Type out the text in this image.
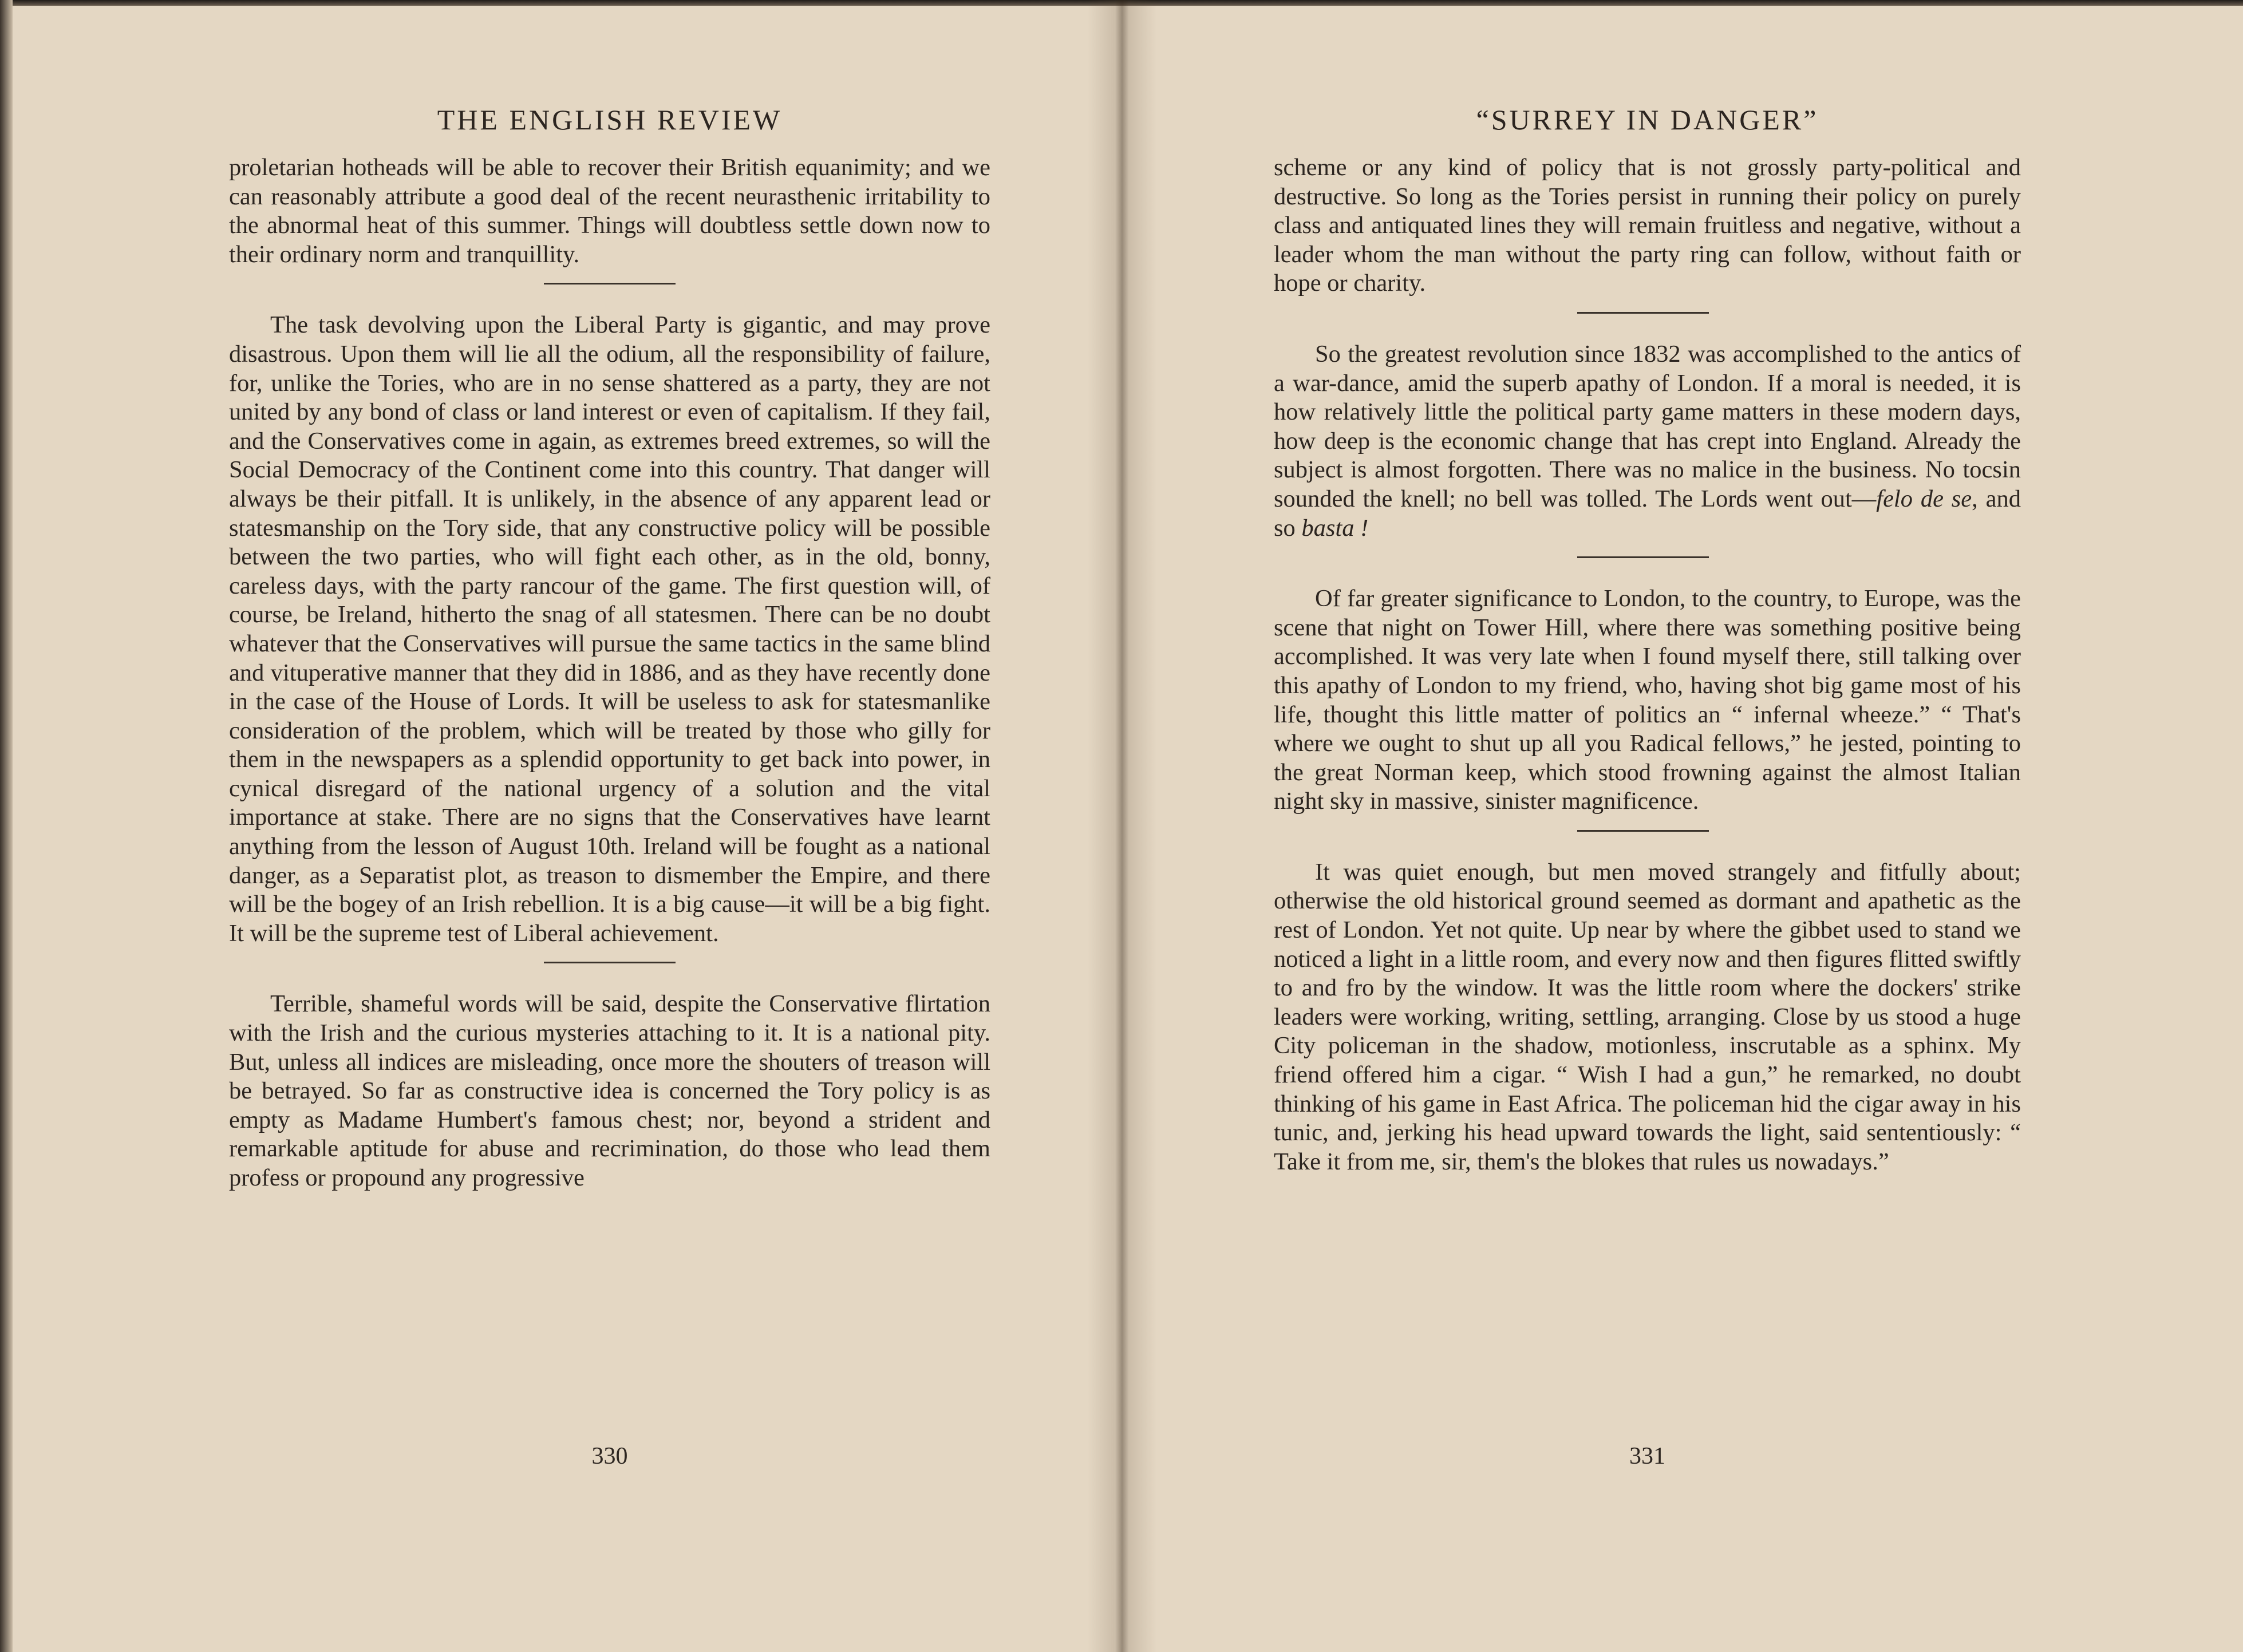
THE ENGLISH REVIEW

proletarian hotheads will be able to recover their British equanimity; and we can reasonably attribute a good deal of the recent neurasthenic irritability to the abnormal heat of this summer. Things will doubtless settle down now to their ordinary norm and tranquillity.

The task devolving upon the Liberal Party is gigantic, and may prove disastrous. Upon them will lie all the odium, all the responsibility of failure, for, unlike the Tories, who are in no sense shattered as a party, they are not united by any bond of class or land interest or even of capitalism. If they fail, and the Conservatives come in again, as extremes breed extremes, so will the Social Democracy of the Continent come into this country. That danger will always be their pitfall. It is unlikely, in the absence of any apparent lead or statesmanship on the Tory side, that any constructive policy will be possible between the two parties, who will fight each other, as in the old, bonny, careless days, with the party rancour of the game. The first question will, of course, be Ireland, hitherto the snag of all statesmen. There can be no doubt whatever that the Conservatives will pursue the same tactics in the same blind and vituperative manner that they did in 1886, and as they have recently done in the case of the House of Lords. It will be useless to ask for statesmanlike consideration of the problem, which will be treated by those who gilly for them in the newspapers as a splendid opportunity to get back into power, in cynical disregard of the national urgency of a solution and the vital importance at stake. There are no signs that the Conservatives have learnt anything from the lesson of August 10th. Ireland will be fought as a national danger, as a Separatist plot, as treason to dismember the Empire, and there will be the bogey of an Irish rebellion. It is a big cause—it will be a big fight. It will be the supreme test of Liberal achievement.

Terrible, shameful words will be said, despite the Conservative flirtation with the Irish and the curious mysteries attaching to it. It is a national pity. But, unless all indices are misleading, once more the shouters of treason will be betrayed. So far as constructive idea is concerned the Tory policy is as empty as Madame Humbert's famous chest; nor, beyond a strident and remarkable aptitude for abuse and recrimination, do those who lead them profess or propound any progressive

330
“SURREY IN DANGER”

scheme or any kind of policy that is not grossly party-political and destructive. So long as the Tories persist in running their policy on purely class and antiquated lines they will remain fruitless and negative, without a leader whom the man without the party ring can follow, without faith or hope or charity.

So the greatest revolution since 1832 was accomplished to the antics of a war-dance, amid the superb apathy of London. If a moral is needed, it is how relatively little the political party game matters in these modern days, how deep is the economic change that has crept into England. Already the subject is almost forgotten. There was no malice in the business. No tocsin sounded the knell; no bell was tolled. The Lords went out—felo de se, and so basta !

Of far greater significance to London, to the country, to Europe, was the scene that night on Tower Hill, where there was something positive being accomplished. It was very late when I found myself there, still talking over this apathy of London to my friend, who, having shot big game most of his life, thought this little matter of politics an “ infernal wheeze.” “ That's where we ought to shut up all you Radical fellows,” he jested, pointing to the great Norman keep, which stood frowning against the almost Italian night sky in massive, sinister magnificence.

It was quiet enough, but men moved strangely and fitfully about; otherwise the old historical ground seemed as dormant and apathetic as the rest of London. Yet not quite. Up near by where the gibbet used to stand we noticed a light in a little room, and every now and then figures flitted swiftly to and fro by the window. It was the little room where the dockers' strike leaders were working, writing, settling, arranging. Close by us stood a huge City policeman in the shadow, motionless, inscrutable as a sphinx. My friend offered him a cigar. “ Wish I had a gun,” he remarked, no doubt thinking of his game in East Africa. The policeman hid the cigar away in his tunic, and, jerking his head upward towards the light, said sententiously: “ Take it from me, sir, them's the blokes that rules us nowadays.”

331
